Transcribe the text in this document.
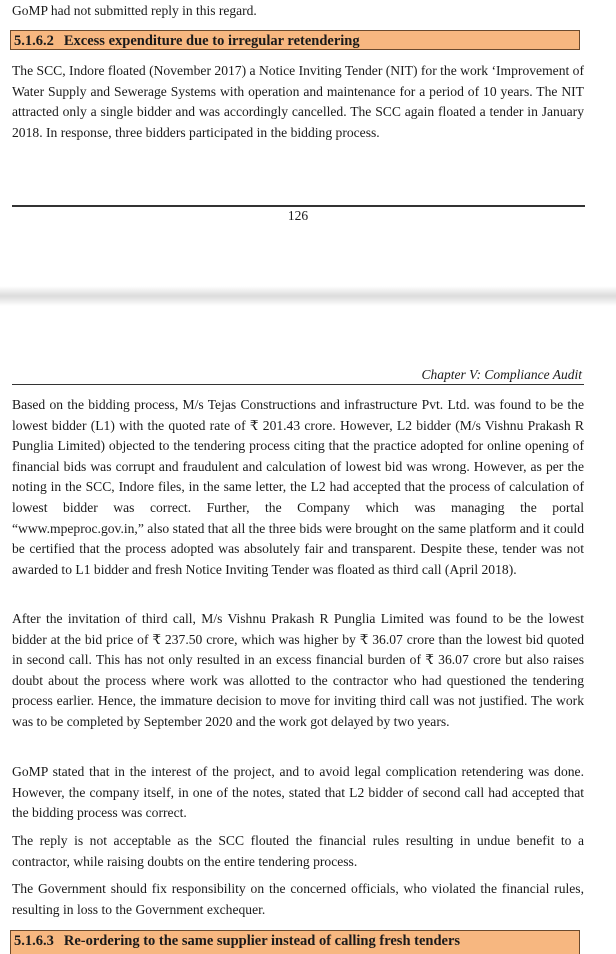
GoMP had not submitted reply in this regard.
5.1.6.2 Excess expenditure due to irregular retendering
The SCC, Indore floated (November 2017) a Notice Inviting Tender (NIT) for the work ‘Improvement of Water Supply and Sewerage Systems with operation and maintenance for a period of 10 years. The NIT attracted only a single bidder and was accordingly cancelled. The SCC again floated a tender in January 2018. In response, three bidders participated in the bidding process.
126
Chapter V: Compliance Audit
Based on the bidding process, M/s Tejas Constructions and infrastructure Pvt. Ltd. was found to be the lowest bidder (L1) with the quoted rate of ₹ 201.43 crore. However, L2 bidder (M/s Vishnu Prakash R Punglia Limited) objected to the tendering process citing that the practice adopted for online opening of financial bids was corrupt and fraudulent and calculation of lowest bid was wrong. However, as per the noting in the SCC, Indore files, in the same letter, the L2 had accepted that the process of calculation of lowest bidder was correct. Further, the Company which was managing the portal “www.mpeproc.gov.in,” also stated that all the three bids were brought on the same platform and it could be certified that the process adopted was absolutely fair and transparent. Despite these, tender was not awarded to L1 bidder and fresh Notice Inviting Tender was floated as third call (April 2018).
After the invitation of third call, M/s Vishnu Prakash R Punglia Limited was found to be the lowest bidder at the bid price of ₹ 237.50 crore, which was higher by ₹ 36.07 crore than the lowest bid quoted in second call. This has not only resulted in an excess financial burden of ₹ 36.07 crore but also raises doubt about the process where work was allotted to the contractor who had questioned the tendering process earlier. Hence, the immature decision to move for inviting third call was not justified. The work was to be completed by September 2020 and the work got delayed by two years.
GoMP stated that in the interest of the project, and to avoid legal complication retendering was done. However, the company itself, in one of the notes, stated that L2 bidder of second call had accepted that the bidding process was correct.
The reply is not acceptable as the SCC flouted the financial rules resulting in undue benefit to a contractor, while raising doubts on the entire tendering process.
The Government should fix responsibility on the concerned officials, who violated the financial rules, resulting in loss to the Government exchequer.
5.1.6.3 Re-ordering to the same supplier instead of calling fresh tenders
